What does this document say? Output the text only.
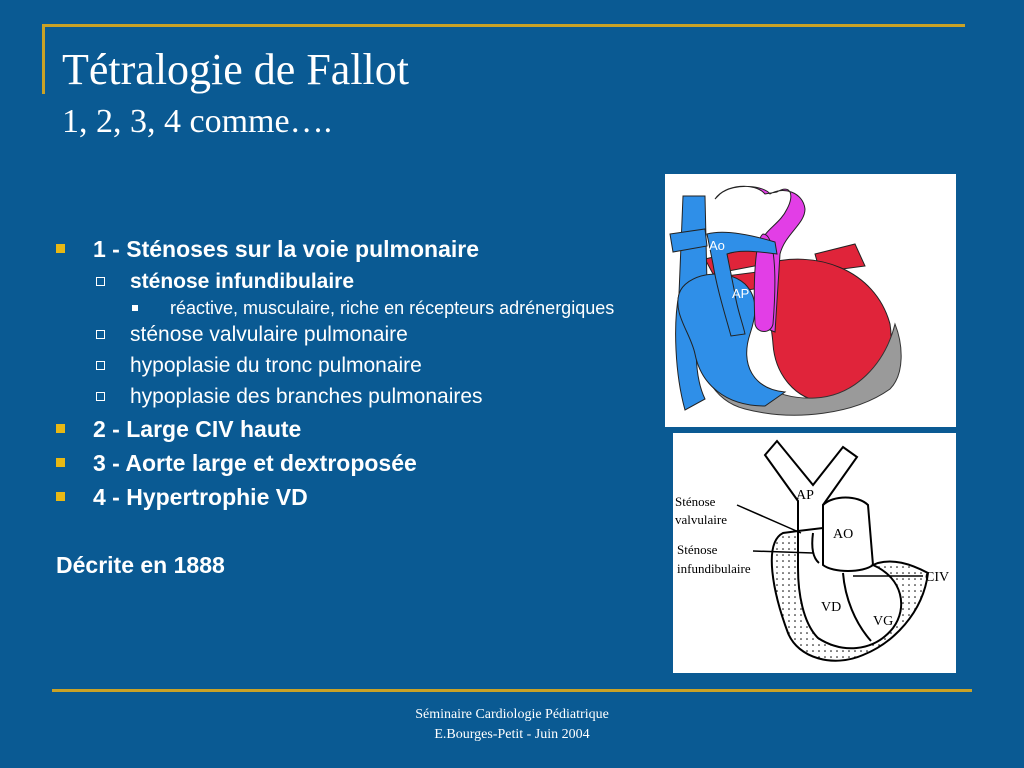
Tétralogie de Fallot
1, 2, 3, 4 comme….
1 - Sténoses sur la voie pulmonaire
sténose infundibulaire
réactive, musculaire, riche en récepteurs adrénergiques
sténose valvulaire pulmonaire
hypoplasie du tronc pulmonaire
hypoplasie des branches pulmonaires
2 - Large CIV haute
3 - Aorte large et dextroposée
4 - Hypertrophie VD
Décrite en 1888
Ao
AP
AP
AO
Sténose
valvulaire
Sténose
infundibulaire
CIV
VD
VG
Séminaire Cardiologie Pédiatrique
E.Bourges-Petit - Juin 2004
